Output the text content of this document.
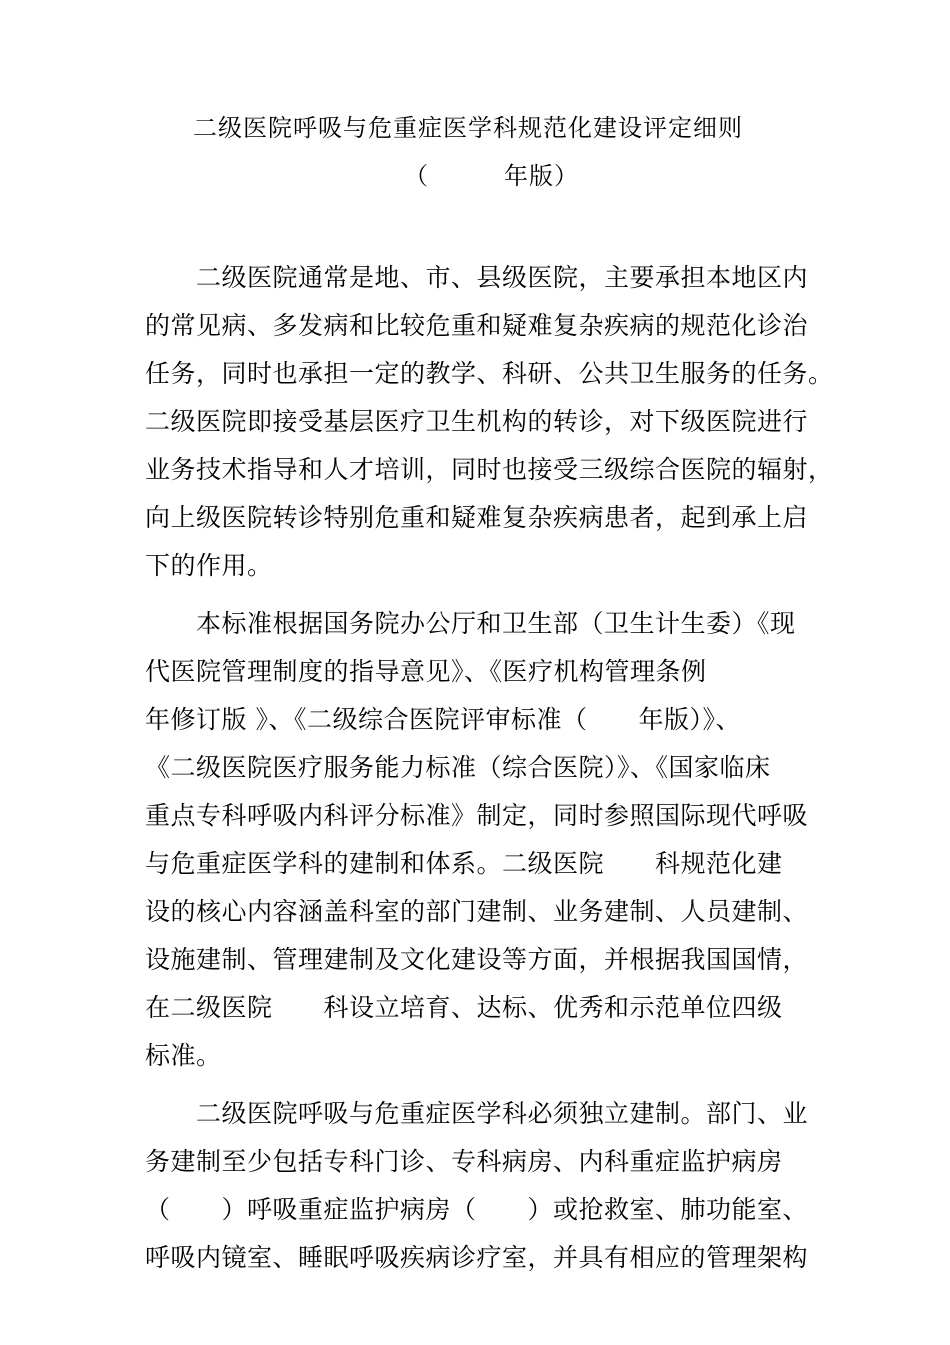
二级医院呼吸与危重症医学科规范化建设评定细则
（　　　年版）
二级医院通常是地、市、县级医院，主要承担本地区内
的常见病、多发病和比较危重和疑难复杂疾病的规范化诊治
任务，同时也承担一定的教学、科研、公共卫生服务的任务。
二级医院即接受基层医疗卫生机构的转诊，对下级医院进行
业务技术指导和人才培训，同时也接受三级综合医院的辐射，
向上级医院转诊特别危重和疑难复杂疾病患者，起到承上启
下的作用。
本标准根据国务院办公厅和卫生部（卫生计生委）《现
代医院管理制度的指导意见》、《医疗机构管理条例
年修订版 》、《二级综合医院评审标准（　　年版）》、
《二级医院医疗服务能力标准（综合医院）》、《国家临床
重点专科呼吸内科评分标准》制定，同时参照国际现代呼吸
与危重症医学科的建制和体系。二级医院　　科规范化建
设的核心内容涵盖科室的部门建制、业务建制、人员建制、
设施建制、管理建制及文化建设等方面，并根据我国国情，
在二级医院　　科设立培育、达标、优秀和示范单位四级
标准。
二级医院呼吸与危重症医学科必须独立建制。部门、业
务建制至少包括专科门诊、专科病房、内科重症监护病房
（　　）呼吸重症监护病房（　　）或抢救室、肺功能室、
呼吸内镜室、睡眠呼吸疾病诊疗室，并具有相应的管理架构
